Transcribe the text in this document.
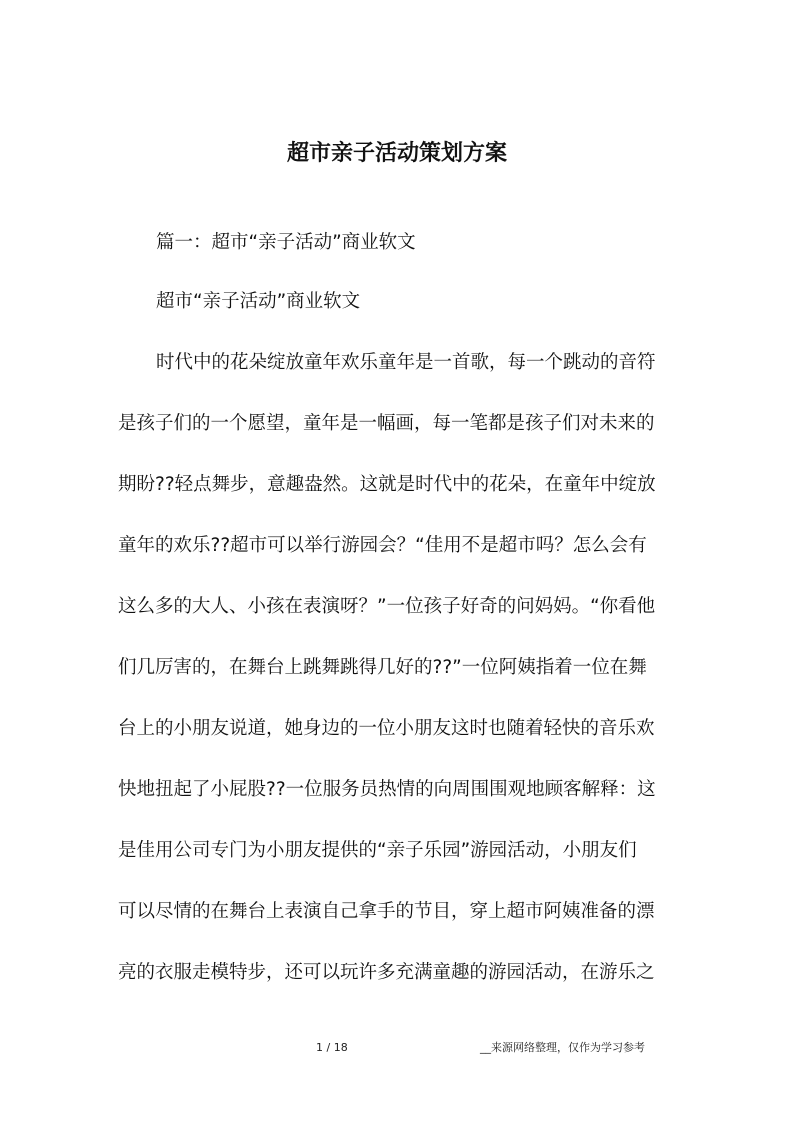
超市亲子活动策划方案

篇一：超市“亲子活动”商业软文

超市“亲子活动”商业软文

时代中的花朵绽放童年欢乐童年是一首歌，每一个跳动的音符

是孩子们的一个愿望，童年是一幅画，每一笔都是孩子们对未来的

期盼??轻点舞步，意趣盎然。这就是时代中的花朵，在童年中绽放

童年的欢乐??超市可以举行游园会？“佳用不是超市吗？怎么会有

这么多的大人、小孩在表演呀？”一位孩子好奇的问妈妈。“你看他

们几厉害的，在舞台上跳舞跳得几好的??”一位阿姨指着一位在舞

台上的小朋友说道，她身边的一位小朋友这时也随着轻快的音乐欢

快地扭起了小屁股??一位服务员热情的向周围围观地顾客解释：这

是佳用公司专门为小朋友提供的“亲子乐园”游园活动，小朋友们

可以尽情的在舞台上表演自己拿手的节目，穿上超市阿姨准备的漂

亮的衣服走模特步，还可以玩许多充满童趣的游园活动，在游乐之

1 / 18	__来源网络整理，仅作为学习参考
